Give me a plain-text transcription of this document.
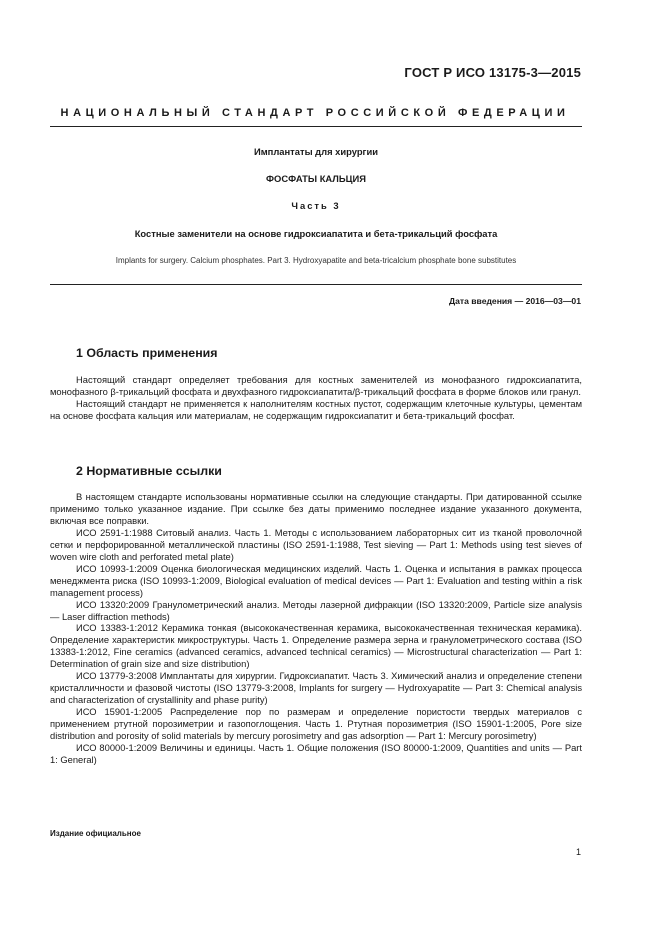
ГОСТ Р ИСО 13175-3—2015
НАЦИОНАЛЬНЫЙ СТАНДАРТ РОССИЙСКОЙ ФЕДЕРАЦИИ
Имплантаты для хирургии
ФОСФАТЫ КАЛЬЦИЯ
Часть 3
Костные заменители на основе гидроксиапатита и бета-трикальций фосфата
Implants for surgery. Calcium phosphates. Part 3. Hydroxyapatite and beta-tricalcium phosphate bone substitutes
Дата введения — 2016—03—01
1 Область применения

Настоящий стандарт определяет требования для костных заменителей из монофазного гидроксиапатита, монофазного β-трикальций фосфата и двухфазного гидроксиапатита/β-трикальций фосфата в форме блоков или гранул.

Настоящий стандарт не применяется к наполнителям костных пустот, содержащим клеточные культуры, цементам на основе фосфата кальция или материалам, не содержащим гидроксиапатит и бета-трикальций фосфат.

2 Нормативные ссылки

В настоящем стандарте использованы нормативные ссылки на следующие стандарты. При датированной ссылке применимо только указанное издание. При ссылке без даты применимо последнее издание указанного документа, включая все поправки.

ИСО 2591-1:1988 Ситовый анализ. Часть 1. Методы с использованием лабораторных сит из тканой проволочной сетки и перфорированной металлической пластины (ISO 2591-1:1988, Test sieving — Part 1: Methods using test sieves of woven wire cloth and perforated metal plate)

ИСО 10993-1:2009 Оценка биологическая медицинских изделий. Часть 1. Оценка и испытания в рамках процесса менеджмента риска (ISO 10993-1:2009, Biological evaluation of medical devices — Part 1: Evaluation and testing within a risk management process)

ИСО 13320:2009 Гранулометрический анализ. Методы лазерной дифракции (ISO 13320:2009, Particle size analysis — Laser diffraction methods)

ИСО 13383-1:2012 Керамика тонкая (высококачественная керамика, высококачественная техническая керамика). Определение характеристик микроструктуры. Часть 1. Определение размера зерна и гранулометрического состава (ISO 13383-1:2012, Fine ceramics (advanced ceramics, advanced technical ceramics) — Microstructural characterization — Part 1: Determination of grain size and size distribution)

ИСО 13779-3:2008 Имплантаты для хирургии. Гидроксиапатит. Часть 3. Химический анализ и определение степени кристалличности и фазовой чистоты (ISO 13779-3:2008, Implants for surgery — Hydroxyapatite — Part 3: Chemical analysis and characterization of crystallinity and phase purity)

ИСО 15901-1:2005 Распределение пор по размерам и определение пористости твердых материалов с применением ртутной порозиметрии и газопоглощения. Часть 1. Ртутная порозиметрия (ISO 15901-1:2005, Pore size distribution and porosity of solid materials by mercury porosimetry and gas adsorption — Part 1: Mercury porosimetry)

ИСО 80000-1:2009 Величины и единицы. Часть 1. Общие положения (ISO 80000-1:2009, Quantities and units — Part 1: General)

Издание официальное
1
